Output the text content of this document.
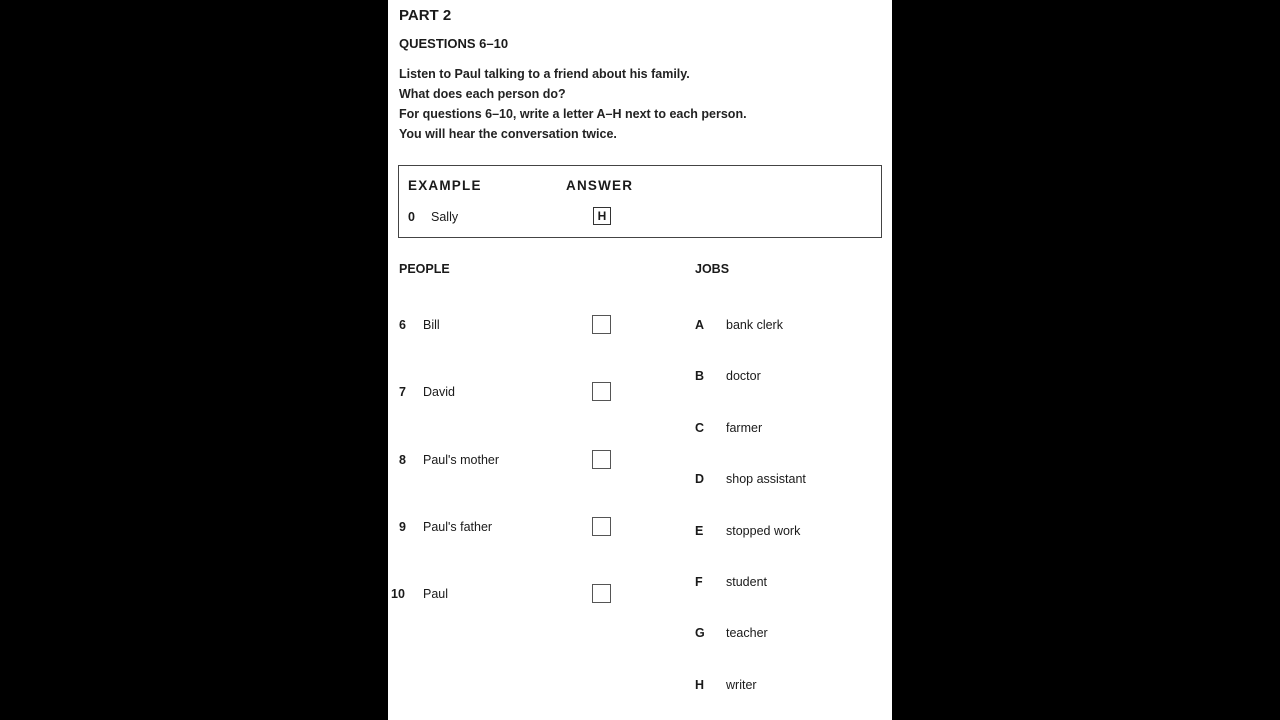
PART 2
QUESTIONS 6–10
Listen to Paul talking to a friend about his family.
What does each person do?
For questions 6–10, write a letter A–H next to each person.
You will hear the conversation twice.
EXAMPLE	ANSWER
0 Sally	H
PEOPLE	JOBS
6 Bill
7 David
8 Paul's mother
9 Paul's father
10 Paul
A bank clerk
B doctor
C farmer
D shop assistant
E stopped work
F student
G teacher
H writer
